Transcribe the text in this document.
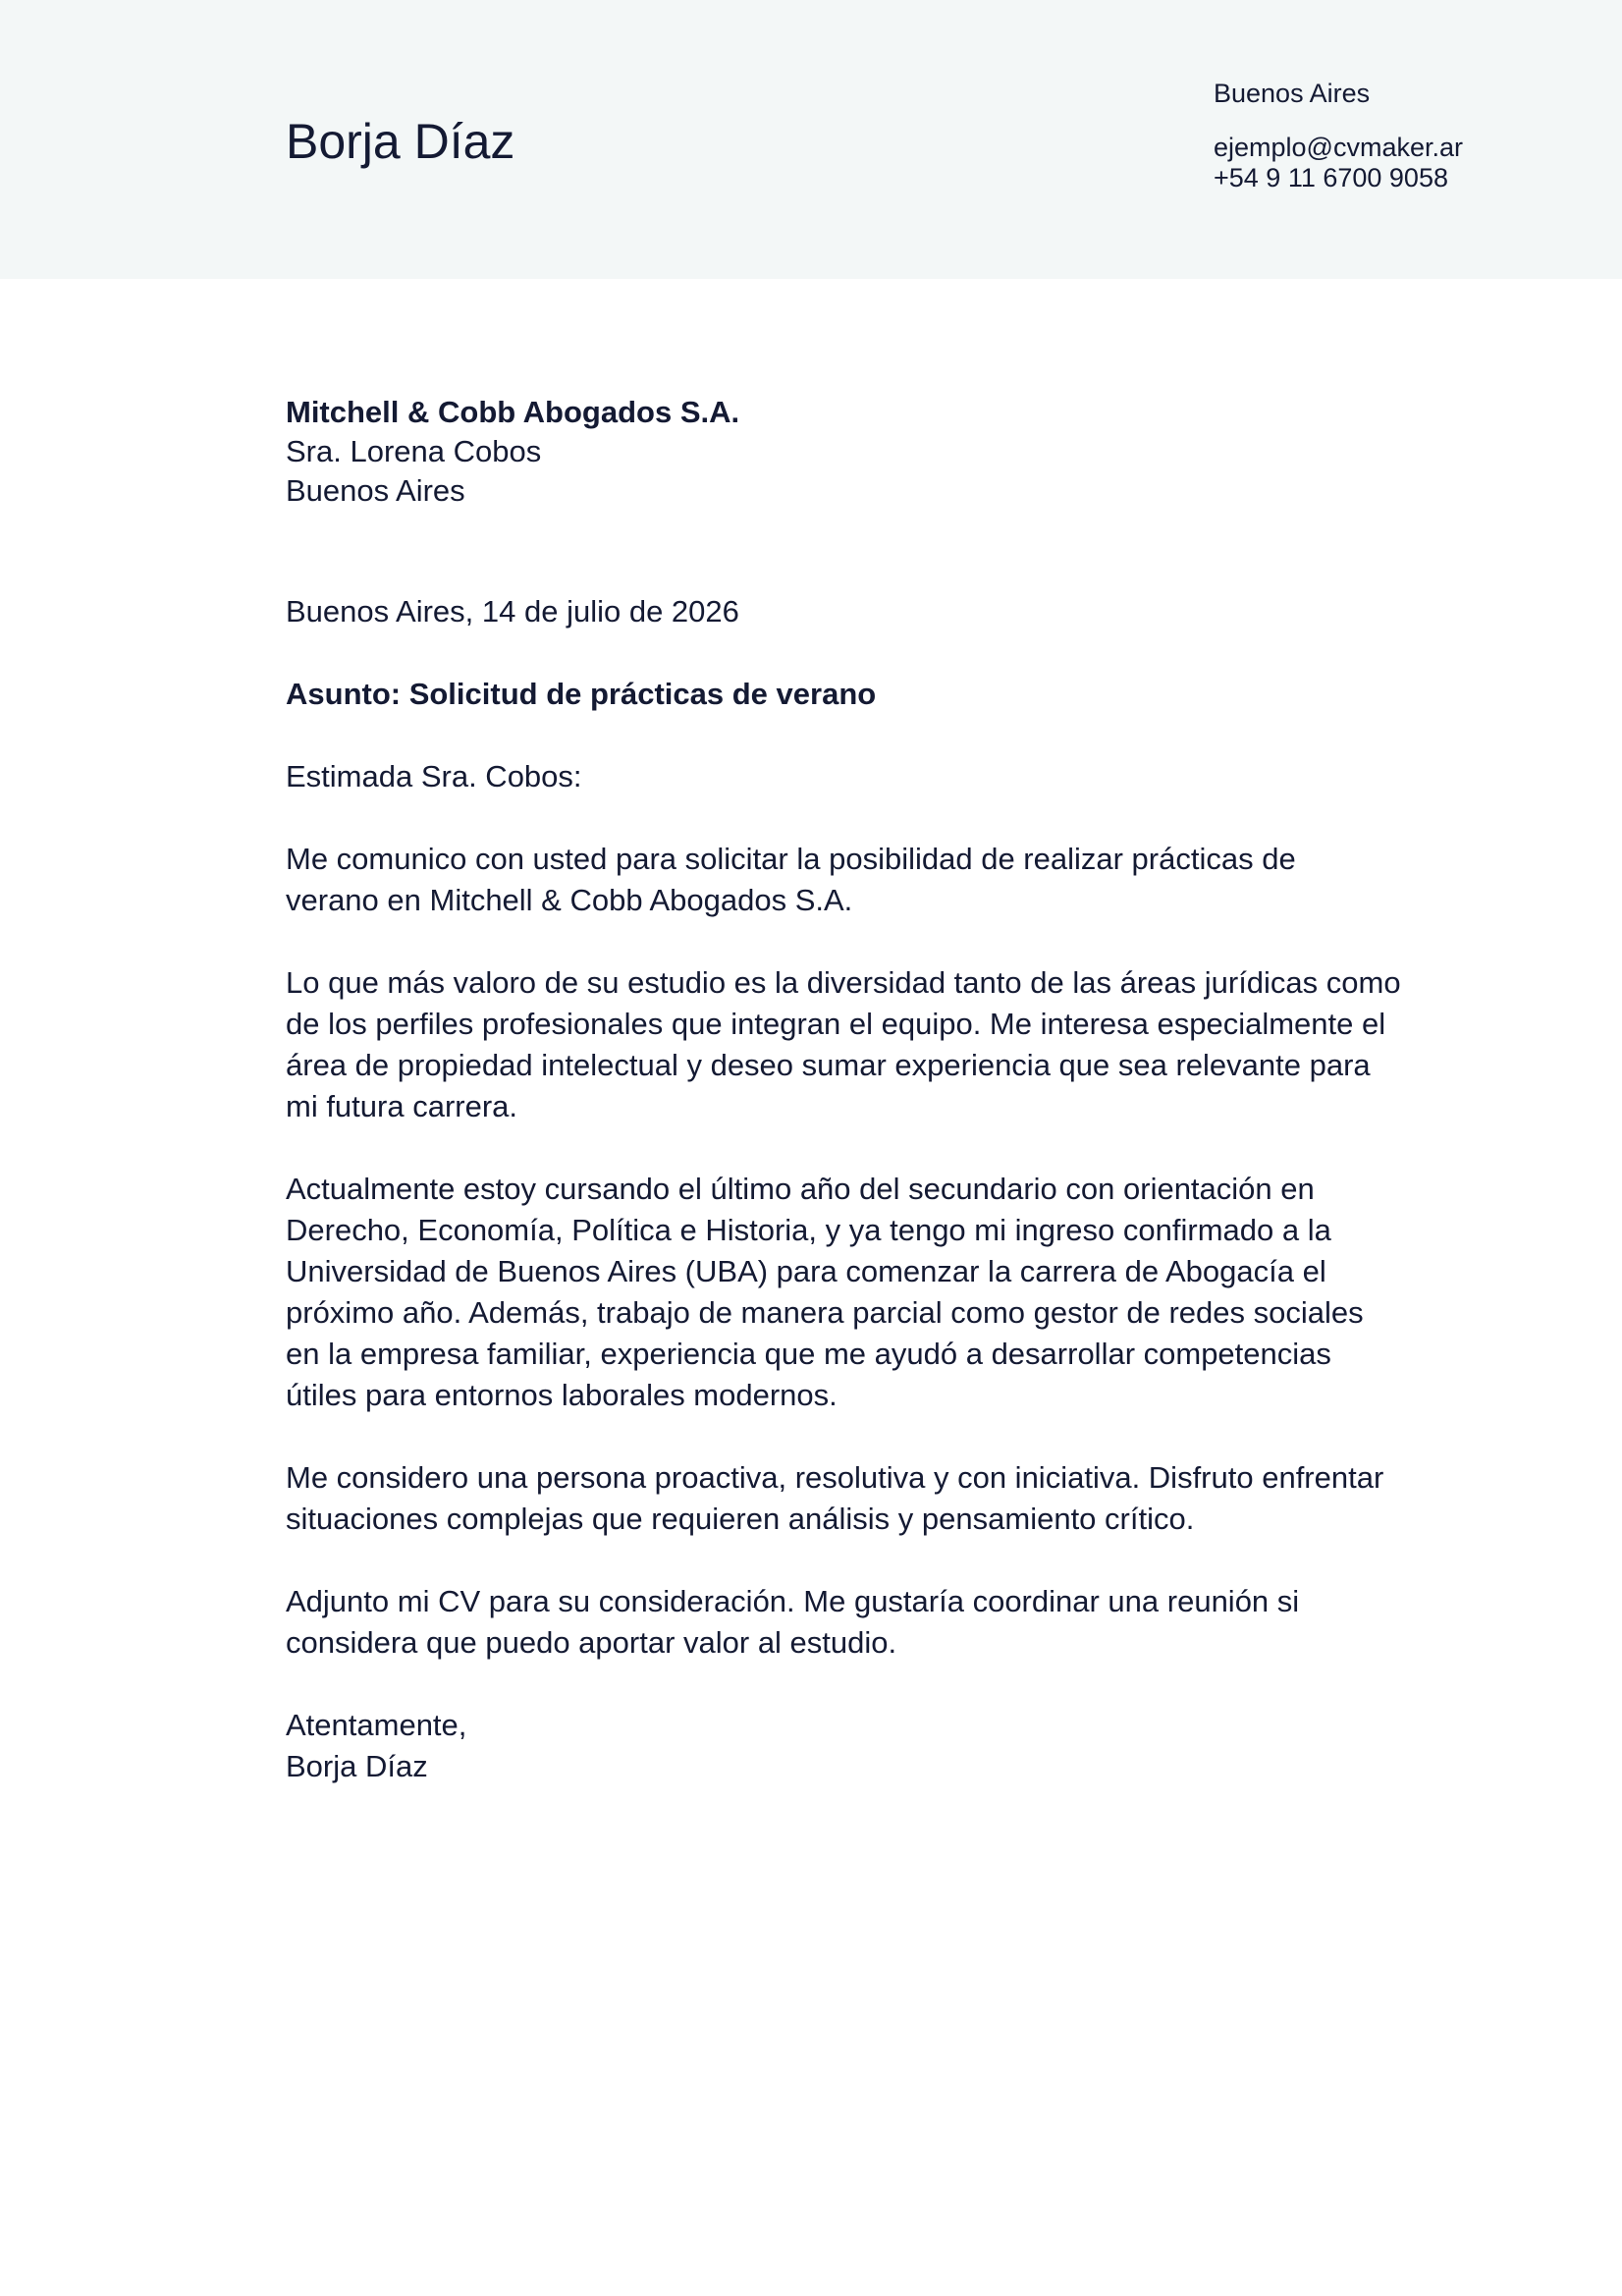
Borja Díaz
Buenos Aires
ejemplo@cvmaker.ar
+54 9 11 6700 9058
Mitchell & Cobb Abogados S.A.
Sra. Lorena Cobos
Buenos Aires

Buenos Aires, 14 de julio de 2026

Asunto: Solicitud de prácticas de verano

Estimada Sra. Cobos:

Me comunico con usted para solicitar la posibilidad de realizar prácticas de
verano en Mitchell & Cobb Abogados S.A.

Lo que más valoro de su estudio es la diversidad tanto de las áreas jurídicas como
de los perfiles profesionales que integran el equipo. Me interesa especialmente el
área de propiedad intelectual y deseo sumar experiencia que sea relevante para
mi futura carrera.

Actualmente estoy cursando el último año del secundario con orientación en
Derecho, Economía, Política e Historia, y ya tengo mi ingreso confirmado a la
Universidad de Buenos Aires (UBA) para comenzar la carrera de Abogacía el
próximo año. Además, trabajo de manera parcial como gestor de redes sociales
en la empresa familiar, experiencia que me ayudó a desarrollar competencias
útiles para entornos laborales modernos.

Me considero una persona proactiva, resolutiva y con iniciativa. Disfruto enfrentar
situaciones complejas que requieren análisis y pensamiento crítico.

Adjunto mi CV para su consideración. Me gustaría coordinar una reunión si
considera que puedo aportar valor al estudio.

Atentamente,
Borja Díaz
